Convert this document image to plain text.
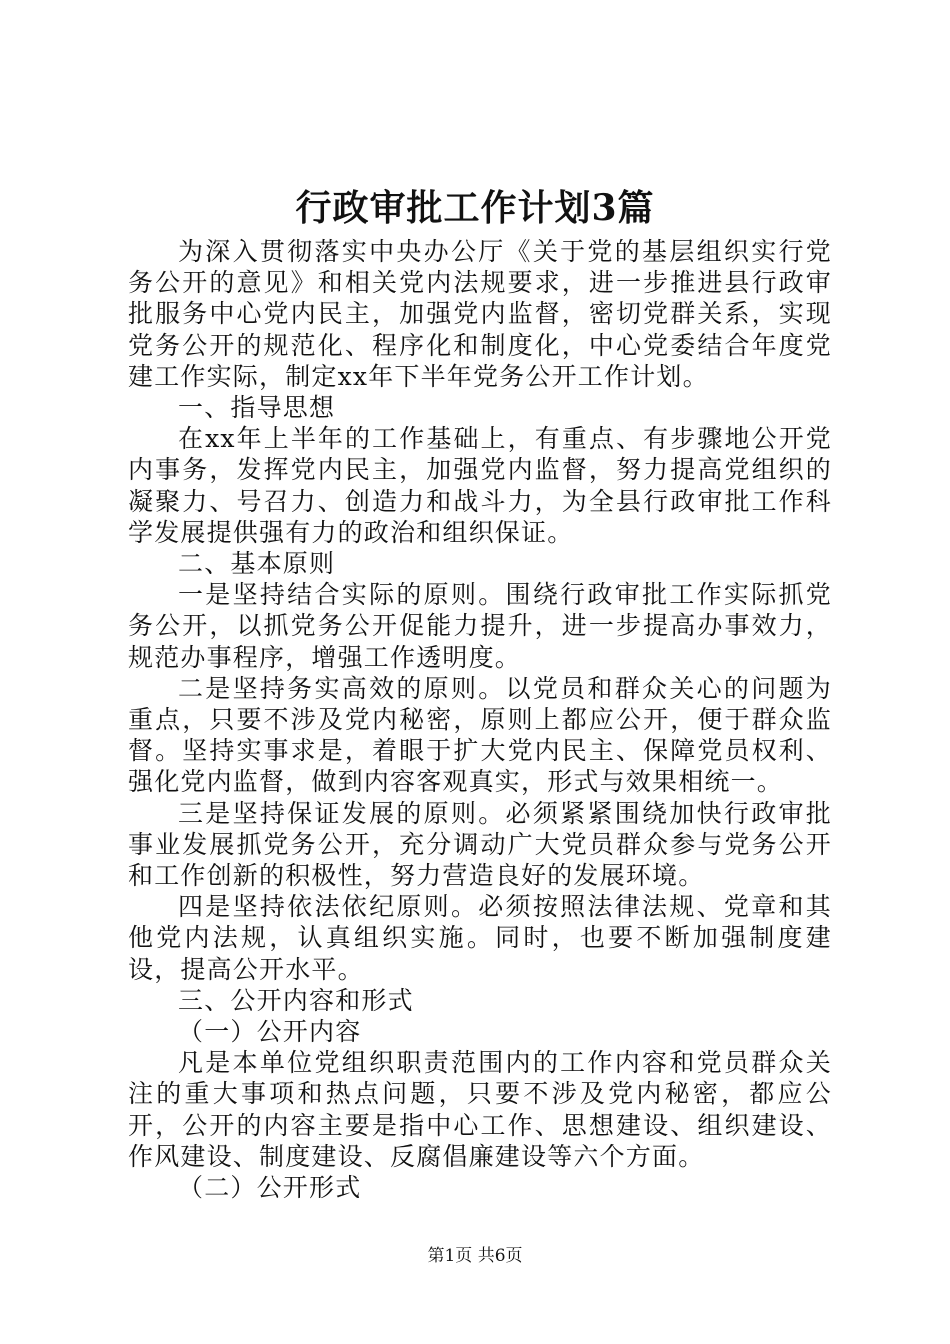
行政审批工作计划3篇

为深入贯彻落实中央办公厅《关于党的基层组织实行党务公开的意见》和相关党内法规要求，进一步推进县行政审批服务中心党内民主，加强党内监督，密切党群关系，实现党务公开的规范化、程序化和制度化，中心党委结合年度党建工作实际，制定xx年下半年党务公开工作计划。

一、指导思想

在xx年上半年的工作基础上，有重点、有步骤地公开党内事务，发挥党内民主，加强党内监督，努力提高党组织的凝聚力、号召力、创造力和战斗力，为全县行政审批工作科学发展提供强有力的政治和组织保证。

二、基本原则

一是坚持结合实际的原则。围绕行政审批工作实际抓党务公开，以抓党务公开促能力提升，进一步提高办事效力，规范办事程序，增强工作透明度。

二是坚持务实高效的原则。以党员和群众关心的问题为重点，只要不涉及党内秘密，原则上都应公开，便于群众监督。坚持实事求是，着眼于扩大党内民主、保障党员权利、强化党内监督，做到内容客观真实，形式与效果相统一。

三是坚持保证发展的原则。必须紧紧围绕加快行政审批事业发展抓党务公开，充分调动广大党员群众参与党务公开和工作创新的积极性，努力营造良好的发展环境。

四是坚持依法依纪原则。必须按照法律法规、党章和其他党内法规，认真组织实施。同时，也要不断加强制度建设，提高公开水平。

三、公开内容和形式

（一）公开内容

凡是本单位党组织职责范围内的工作内容和党员群众关注的重大事项和热点问题，只要不涉及党内秘密，都应公开，公开的内容主要是指中心工作、思想建设、组织建设、作风建设、制度建设、反腐倡廉建设等六个方面。

（二）公开形式

第1页 共6页
